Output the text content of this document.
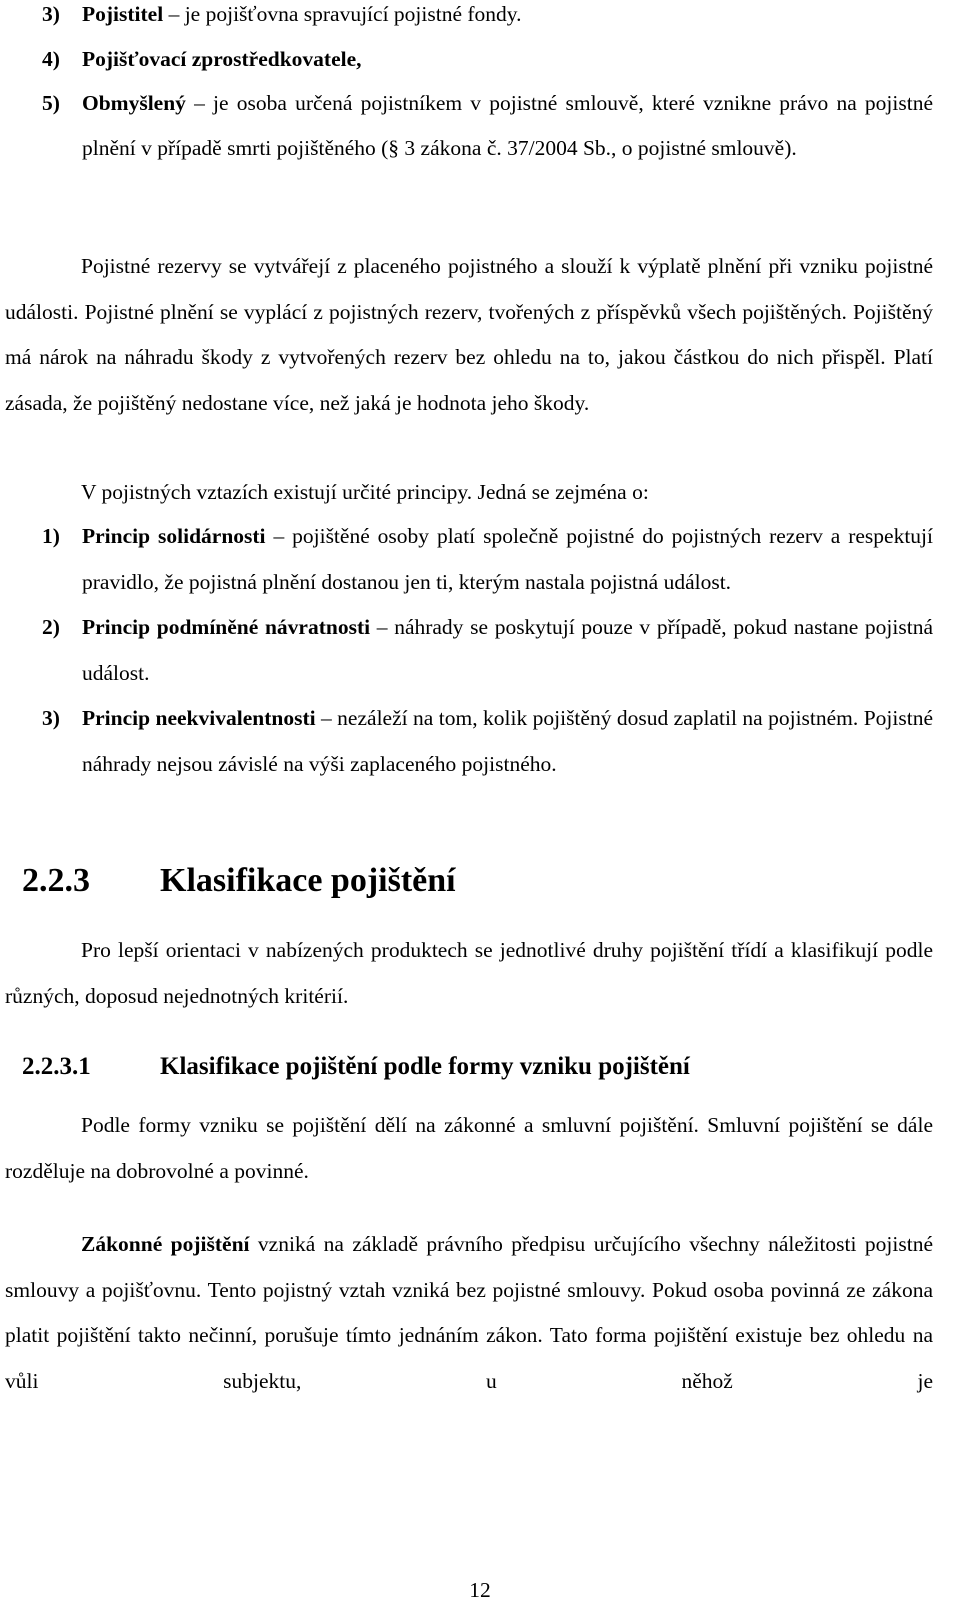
3) Pojistitel – je pojišťovna spravující pojistné fondy.
4) Pojišťovací zprostředkovatele,
5) Obmyšlený – je osoba určená pojistníkem v pojistné smlouvě, které vznikne právo na pojistné plnění v případě smrti pojištěného (§ 3 zákona č. 37/2004 Sb., o pojistné smlouvě).

Pojistné rezervy se vytvářejí z placeného pojistného a slouží k výplatě plnění při vzniku pojistné události. Pojistné plnění se vyplácí z pojistných rezerv, tvořených z příspěvků všech pojištěných. Pojištěný má nárok na náhradu škody z vytvořených rezerv bez ohledu na to, jakou částkou do nich přispěl. Platí zásada, že pojištěný nedostane více, než jaká je hodnota jeho škody.

V pojistných vztazích existují určité principy. Jedná se zejména o:

1) Princip solidárnosti – pojištěné osoby platí společně pojistné do pojistných rezerv a respektují pravidlo, že pojistná plnění dostanou jen ti, kterým nastala pojistná událost.
2) Princip podmíněné návratnosti – náhrady se poskytují pouze v případě, pokud nastane pojistná událost.
3) Princip neekvivalentnosti – nezáleží na tom, kolik pojištěný dosud zaplatil na pojistném. Pojistné náhrady nejsou závislé na výši zaplaceného pojistného.
2.2.3 Klasifikace pojištění

Pro lepší orientaci v nabízených produktech se jednotlivé druhy pojištění třídí a klasifikují podle různých, doposud nejednotných kritérií.

2.2.3.1	Klasifikace pojištění podle formy vzniku pojištění

Podle formy vzniku se pojištění dělí na zákonné a smluvní pojištění. Smluvní pojištění se dále rozděluje na dobrovolné a povinné.

Zákonné pojištění vzniká na základě právního předpisu určujícího všechny náležitosti pojistné smlouvy a pojišťovnu. Tento pojistný vztah vzniká bez pojistné smlouvy. Pokud osoba povinná ze zákona platit pojištění takto nečinní, porušuje tímto jednáním zákon. Tato forma pojištění existuje bez ohledu na vůli subjektu, u něhož je

12
